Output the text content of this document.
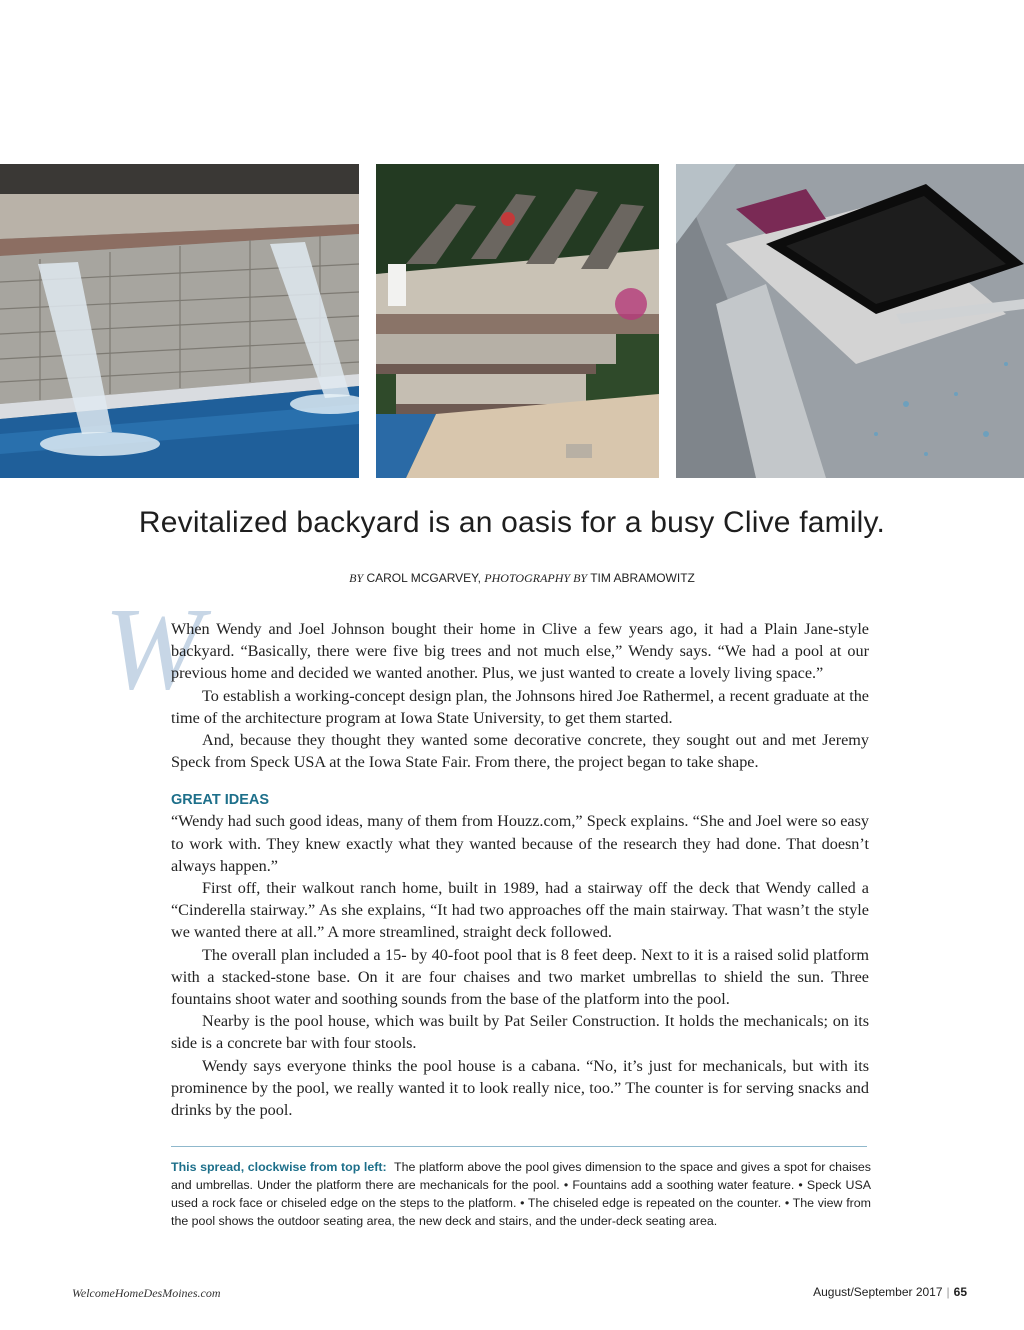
Revitalized backyard is an oasis for a busy Clive family.
BY CAROL MCGARVEY, PHOTOGRAPHY BY TIM ABRAMOWITZ
W

When Wendy and Joel Johnson bought their home in Clive a few years ago, it had a Plain Jane-style backyard. “Basically, there were five big trees and not much else,” Wendy says. “We had a pool at our previous home and decided we wanted another. Plus, we just wanted to create a lovely living space.”

To establish a working-concept design plan, the Johnsons hired Joe Rathermel, a recent graduate at the time of the architecture program at Iowa State University, to get them started.

And, because they thought they wanted some decorative concrete, they sought out and met Jeremy Speck from Speck USA at the Iowa State Fair. From there, the project began to take shape.

GREAT IDEAS

“Wendy had such good ideas, many of them from Houzz.com,” Speck explains. “She and Joel were so easy to work with. They knew exactly what they wanted because of the research they had done. That doesn’t always happen.”

First off, their walkout ranch home, built in 1989, had a stairway off the deck that Wendy called a “Cinderella stairway.” As she explains, “It had two approaches off the main stairway. That wasn’t the style we wanted there at all.” A more streamlined, straight deck followed.

The overall plan included a 15- by 40-foot pool that is 8 feet deep. Next to it is a raised solid platform with a stacked-stone base. On it are four chaises and two market umbrellas to shield the sun. Three fountains shoot water and soothing sounds from the base of the platform into the pool.

Nearby is the pool house, which was built by Pat Seiler Construction. It holds the mechanicals; on its side is a concrete bar with four stools.

Wendy says everyone thinks the pool house is a cabana. “No, it’s just for mechanicals, but with its prominence by the pool, we really wanted it to look really nice, too.” The counter is for serving snacks and drinks by the pool.

This spread, clockwise from top left: The platform above the pool gives dimension to the space and gives a spot for chaises and umbrellas. Under the platform there are mechanicals for the pool. • Fountains add a soothing water feature. • Speck USA used a rock face or chiseled edge on the steps to the platform. • The chiseled edge is repeated on the counter. • The view from the pool shows the outdoor seating area, the new deck and stairs, and the under-deck seating area.
WelcomeHomeDesMoines.com	August/September 2017 | 65
